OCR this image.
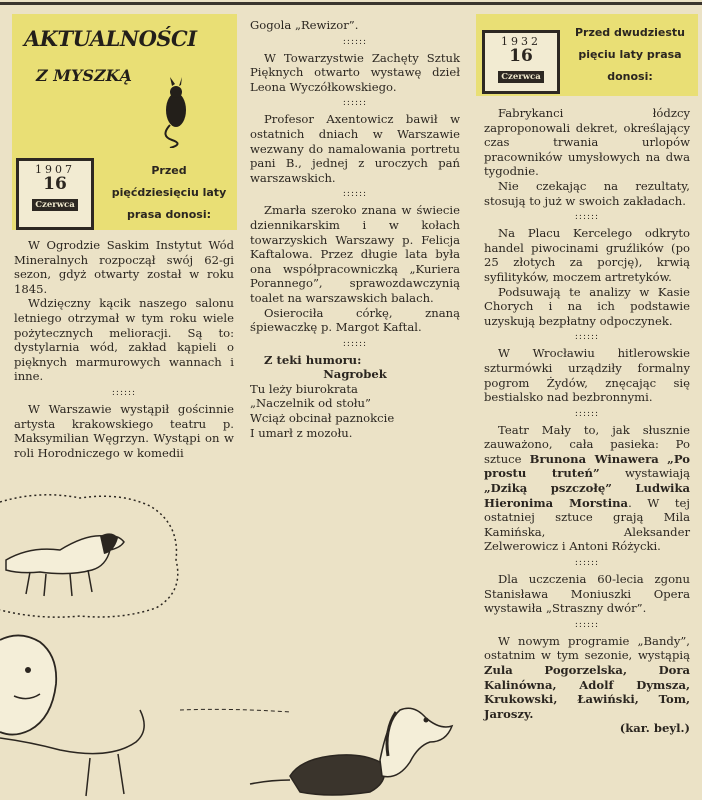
AKTUALNOŚCI
Z MYSZKĄ
1907
16
Czerwca
Przed pięćdziesięciu laty prasa donosi:

W Ogrodzie Saskim Instytut Wód Mineralnych rozpoczął swój 62-gi sezon, gdyż otwarty został w roku 1845.

Wdzięczny kącik naszego salonu letniego otrzymał w tym roku wiele pożytecznych melioracji. Są to: dystylarnia wód, zakład kąpieli o pięknych marmurowych wannach i inne.

::::::

W Warszawie wystąpił gościnnie artysta krakowskiego teatru p. Maksymilian Węgrzyn. Wystąpi on w roli Horodniczego w komedii

Gogola „Rewizor”.

::::::

W Towarzystwie Zachęty Sztuk Pięknych otwarto wystawę dzieł Leona Wyczółkowskiego.

::::::

Profesor Axentowicz bawił w ostatnich dniach w Warszawie wezwany do namalowania portretu pani B., jednej z uroczych pań warszawskich.

::::::

Zmarła szeroko znana w świecie dziennikarskim i w kołach towarzyskich Warszawy p. Felicja Kaftalowa. Przez długie lata była ona współpracowniczką „Kuriera Porannego”, sprawozdawczynią toalet na warszawskich balach.

Osierociła córkę, znaną śpiewaczkę p. Margot Kaftal.

::::::

Z teki humoru:

Nagrobek

Tu leży biurokrata

„Naczelnik od stołu”

Wciąż obcinał paznokcie

I umarł z mozołu.

1932
16
Czerwca
Przed dwudziestu pięciu laty prasa donosi:

Fabrykanci łódzcy zaproponowali dekret, określający czas trwania urlopów pracowników umysłowych na dwa tygodnie.

Nie czekając na rezultaty, stosują to już w swoich zakładach.

::::::

Na Placu Kercelego odkryto handel piwocinami gruźlików (po 25 złotych za porcję), krwią syfilityków, moczem artretyków.

Podsuwają te analizy w Kasie Chorych i na ich podstawie uzyskują bezpłatny odpoczynek.

::::::

W Wrocławiu hitlerowskie szturmówki urządziły formalny pogrom Żydów, znęcając się bestialsko nad bezbronnymi.

::::::

Teatr Mały to, jak słusznie zauważono, cała pasieka: Po sztuce Brunona Winawera „Po prostu truteń” wystawiają „Dziką pszczołę” Ludwika Hieronima Morstina. W tej ostatniej sztuce grają Mila Kamińska, Aleksander Zelwerowicz i Antoni Różycki.

::::::

Dla uczczenia 60-lecia zgonu Stanisława Moniuszki Opera wystawiła „Straszny dwór”.

::::::

W nowym programie „Bandy”, ostatnim w tym sezonie, wystąpią Zula Pogorzelska, Dora Kalinówna, Adolf Dymsza, Krukowski, Ławiński, Tom, Jaroszy.

(kar. beyl.)
